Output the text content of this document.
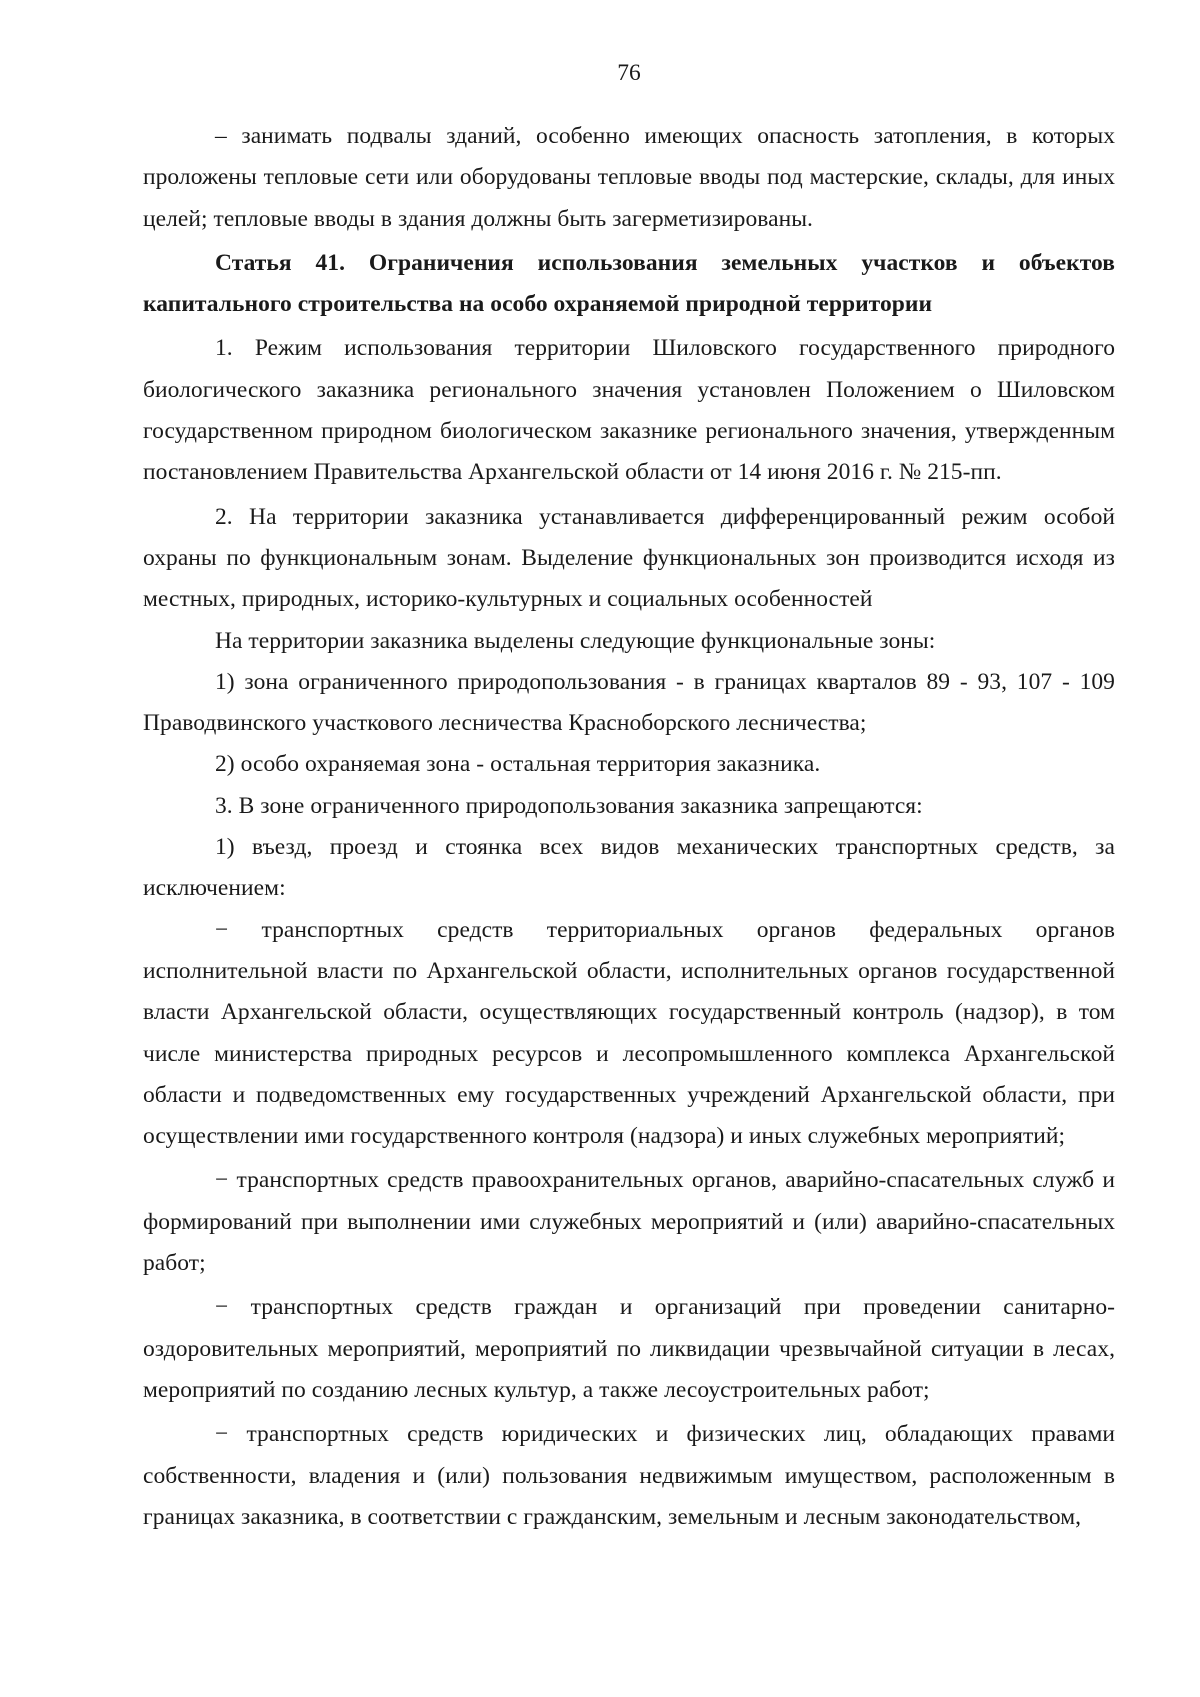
76

– занимать подвалы зданий, особенно имеющих опасность затопления, в которых проложены тепловые сети или оборудованы тепловые вводы под мастерские, склады, для иных целей; тепловые вводы в здания должны быть загерметизированы.

Статья 41. Ограничения использования земельных участков и объектов капитального строительства на особо охраняемой природной территории

1. Режим использования территории Шиловского государственного природного биологического заказника регионального значения установлен Положением о Шиловском государственном природном биологическом заказнике регионального значения, утвержденным постановлением Правительства Архангельской области от 14 июня 2016 г. № 215-пп.

2. На территории заказника устанавливается дифференцированный режим особой охраны по функциональным зонам. Выделение функциональных зон производится исходя из местных, природных, историко-культурных и социальных особенностей

На территории заказника выделены следующие функциональные зоны:

1) зона ограниченного природопользования - в границах кварталов 89 - 93, 107 - 109 Праводвинского участкового лесничества Красноборского лесничества;

2) особо охраняемая зона - остальная территория заказника.

3. В зоне ограниченного природопользования заказника запрещаются:

1) въезд, проезд и стоянка всех видов механических транспортных средств, за исключением:

− транспортных средств территориальных органов федеральных органов исполнительной власти по Архангельской области, исполнительных органов государственной власти Архангельской области, осуществляющих государственный контроль (надзор), в том числе министерства природных ресурсов и лесопромышленного комплекса Архангельской области и подведомственных ему государственных учреждений Архангельской области, при осуществлении ими государственного контроля (надзора) и иных служебных мероприятий;

− транспортных средств правоохранительных органов, аварийно-спасательных служб и формирований при выполнении ими служебных мероприятий и (или) аварийно-спасательных работ;

− транспортных средств граждан и организаций при проведении санитарно-оздоровительных мероприятий, мероприятий по ликвидации чрезвычайной ситуации в лесах, мероприятий по созданию лесных культур, а также лесоустроительных работ;

− транспортных средств юридических и физических лиц, обладающих правами собственности, владения и (или) пользования недвижимым имуществом, расположенным в границах заказника, в соответствии с гражданским, земельным и лесным законодательством,
